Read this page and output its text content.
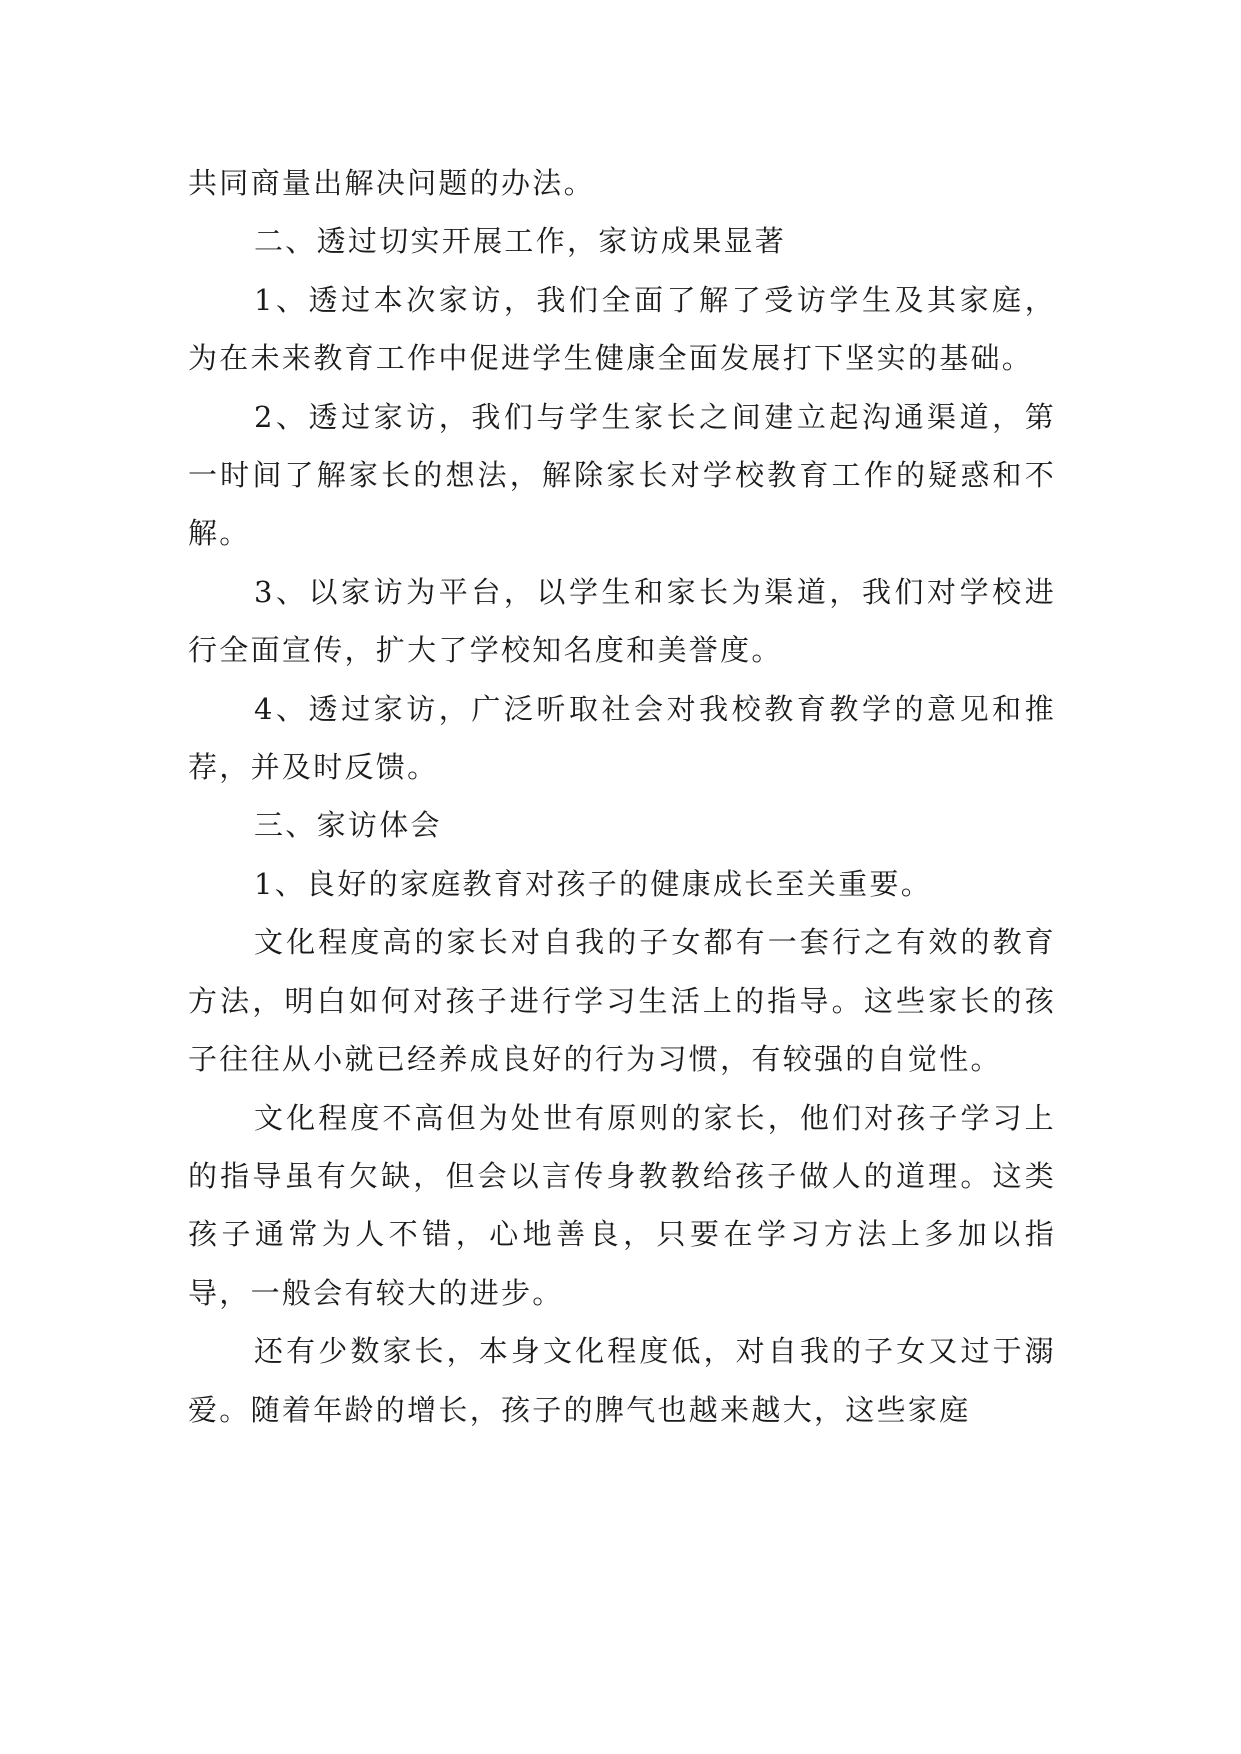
共同商量出解决问题的办法。

二、透过切实开展工作，家访成果显著

1、透过本次家访，我们全面了解了受访学生及其家庭，为在未来教育工作中促进学生健康全面发展打下坚实的基础。

2、透过家访，我们与学生家长之间建立起沟通渠道，第一时间了解家长的想法，解除家长对学校教育工作的疑惑和不解。

3、以家访为平台，以学生和家长为渠道，我们对学校进行全面宣传，扩大了学校知名度和美誉度。

4、透过家访，广泛听取社会对我校教育教学的意见和推荐，并及时反馈。

三、家访体会

1、良好的家庭教育对孩子的健康成长至关重要。

文化程度高的家长对自我的子女都有一套行之有效的教育方法，明白如何对孩子进行学习生活上的指导。这些家长的孩子往往从小就已经养成良好的行为习惯，有较强的自觉性。

文化程度不高但为处世有原则的家长，他们对孩子学习上的指导虽有欠缺，但会以言传身教教给孩子做人的道理。这类孩子通常为人不错，心地善良，只要在学习方法上多加以指导，一般会有较大的进步。

还有少数家长，本身文化程度低，对自我的子女又过于溺爱。随着年龄的增长，孩子的脾气也越来越大，这些家庭
